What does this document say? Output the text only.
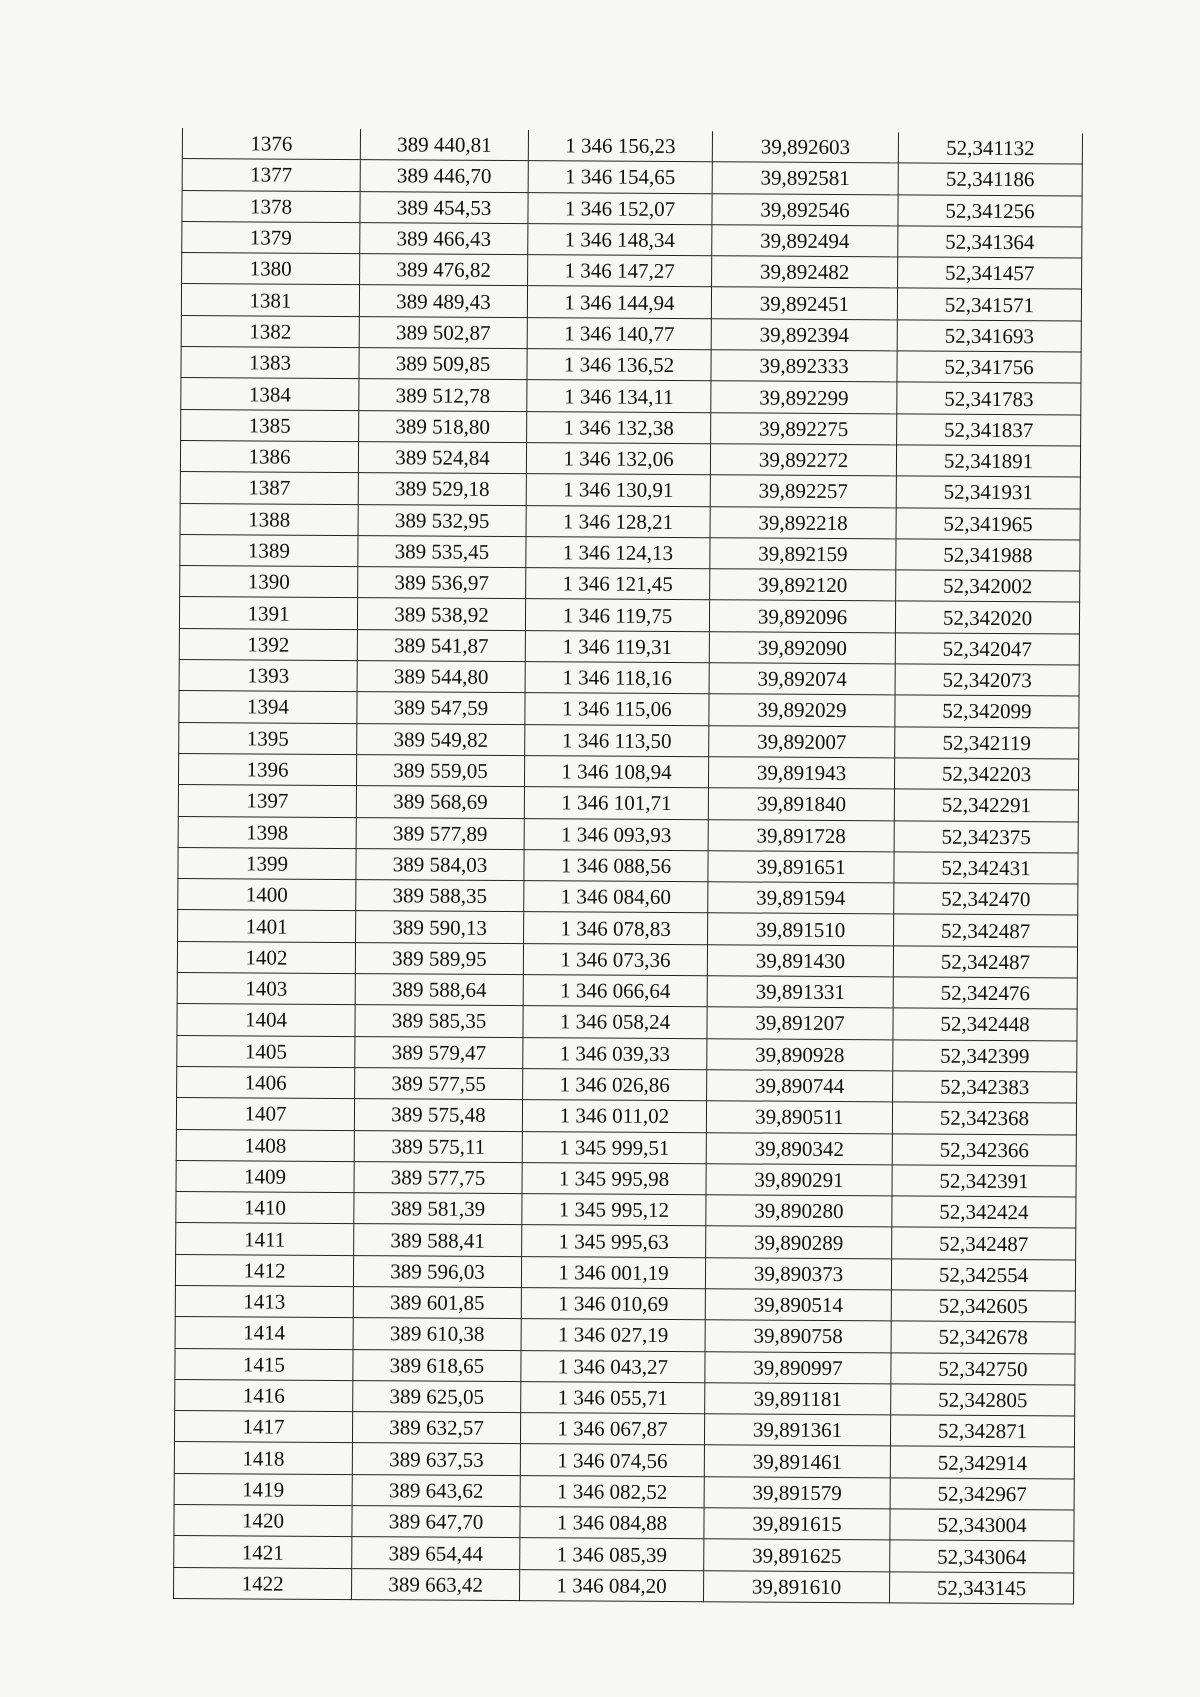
1376	389 440,81	1 346 156,23	39,892603	52,341132
1377	389 446,70	1 346 154,65	39,892581	52,341186
1378	389 454,53	1 346 152,07	39,892546	52,341256
1379	389 466,43	1 346 148,34	39,892494	52,341364
1380	389 476,82	1 346 147,27	39,892482	52,341457
1381	389 489,43	1 346 144,94	39,892451	52,341571
1382	389 502,87	1 346 140,77	39,892394	52,341693
1383	389 509,85	1 346 136,52	39,892333	52,341756
1384	389 512,78	1 346 134,11	39,892299	52,341783
1385	389 518,80	1 346 132,38	39,892275	52,341837
1386	389 524,84	1 346 132,06	39,892272	52,341891
1387	389 529,18	1 346 130,91	39,892257	52,341931
1388	389 532,95	1 346 128,21	39,892218	52,341965
1389	389 535,45	1 346 124,13	39,892159	52,341988
1390	389 536,97	1 346 121,45	39,892120	52,342002
1391	389 538,92	1 346 119,75	39,892096	52,342020
1392	389 541,87	1 346 119,31	39,892090	52,342047
1393	389 544,80	1 346 118,16	39,892074	52,342073
1394	389 547,59	1 346 115,06	39,892029	52,342099
1395	389 549,82	1 346 113,50	39,892007	52,342119
1396	389 559,05	1 346 108,94	39,891943	52,342203
1397	389 568,69	1 346 101,71	39,891840	52,342291
1398	389 577,89	1 346 093,93	39,891728	52,342375
1399	389 584,03	1 346 088,56	39,891651	52,342431
1400	389 588,35	1 346 084,60	39,891594	52,342470
1401	389 590,13	1 346 078,83	39,891510	52,342487
1402	389 589,95	1 346 073,36	39,891430	52,342487
1403	389 588,64	1 346 066,64	39,891331	52,342476
1404	389 585,35	1 346 058,24	39,891207	52,342448
1405	389 579,47	1 346 039,33	39,890928	52,342399
1406	389 577,55	1 346 026,86	39,890744	52,342383
1407	389 575,48	1 346 011,02	39,890511	52,342368
1408	389 575,11	1 345 999,51	39,890342	52,342366
1409	389 577,75	1 345 995,98	39,890291	52,342391
1410	389 581,39	1 345 995,12	39,890280	52,342424
1411	389 588,41	1 345 995,63	39,890289	52,342487
1412	389 596,03	1 346 001,19	39,890373	52,342554
1413	389 601,85	1 346 010,69	39,890514	52,342605
1414	389 610,38	1 346 027,19	39,890758	52,342678
1415	389 618,65	1 346 043,27	39,890997	52,342750
1416	389 625,05	1 346 055,71	39,891181	52,342805
1417	389 632,57	1 346 067,87	39,891361	52,342871
1418	389 637,53	1 346 074,56	39,891461	52,342914
1419	389 643,62	1 346 082,52	39,891579	52,342967
1420	389 647,70	1 346 084,88	39,891615	52,343004
1421	389 654,44	1 346 085,39	39,891625	52,343064
1422	389 663,42	1 346 084,20	39,891610	52,343145
